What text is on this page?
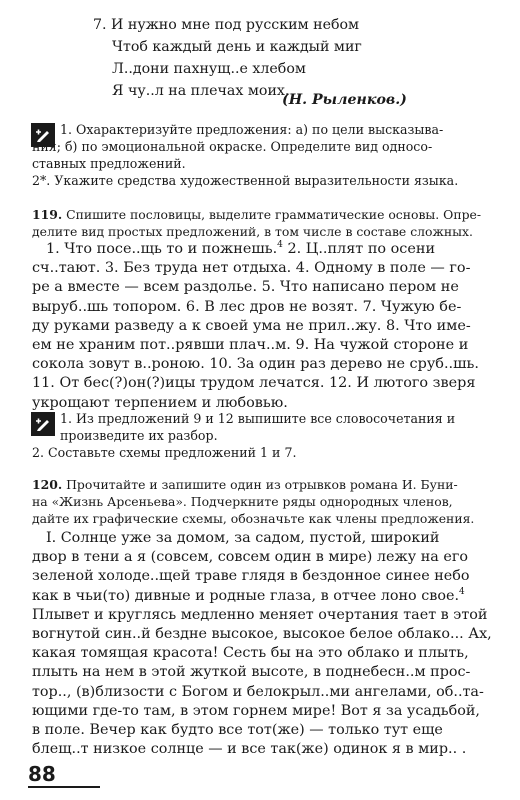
7. И нужно мне под русским небом
Чтоб каждый день и каждый миг
Л..дони пахнущ..е хлебом
Я чу..л на плечах моих.
(Н. Рыленков.)
1. Охарактеризуйте предложения: а) по цели высказыва-
ния; б) по эмоциональной окраске. Определите вид односо-
ставных предложений.
2*. Укажите средства художественной выразительности языка.
119. Спишите пословицы, выделите грамматические основы. Опре-
делите вид простых предложений, в том числе в составе сложных.
1. Что посе..щь то и пожнешь.$^4$ 2. Ц..плят по осени
сч..тают. 3. Без труда нет отдыха. 4. Одному в поле — го-
ре а вместе — всем раздолье. 5. Что написано пером не
выруб..шь топором. 6. В лес дров не возят. 7. Чужую бе-
ду руками разведу а к своей ума не прил..жу. 8. Что име-
ем не храним пот..рявши плач..м. 9. На чужой стороне и
сокола зовут в..роною. 10. За один раз дерево не сруб..шь.
11. От бес(?)он(?)ицы трудом лечатся. 12. И лютого зверя
укрощают терпением и любовью.
1. Из предложений 9 и 12 выпишите все словосочетания и
произведите их разбор.
2. Составьте схемы предложений 1 и 7.
120. Прочитайте и запишите один из отрывков романа И. Буни-
на «Жизнь Арсеньева». Подчеркните ряды однородных членов,
дайте их графические схемы, обозначьте как члены предложения.
I. Солнце уже за домом, за садом, пустой, широкий
двор в тени а я (совсем, совсем один в мире) лежу на его
зеленой холоде..щей траве глядя в бездонное синее небо
как в чьи(то) дивные и родные глаза, в отчее лоно свое.$^4$
Плывет и круглясь медленно меняет очертания тает в этой
вогнутой син..й бездне высокое, высокое белое облако... Ах,
какая томящая красота! Сесть бы на это облако и плыть,
плыть на нем в этой жуткой высоте, в поднебесн..м прос-
тор.., (в)близости с Богом и белокрыл..ми ангелами, об..та-
ющими где-то там, в этом горнем мире! Вот я за усадьбой,
в поле. Вечер как будто все тот(же) — только тут еще
блещ..т низкое солнце — и все так(же) одинок я в мир.. .
88
